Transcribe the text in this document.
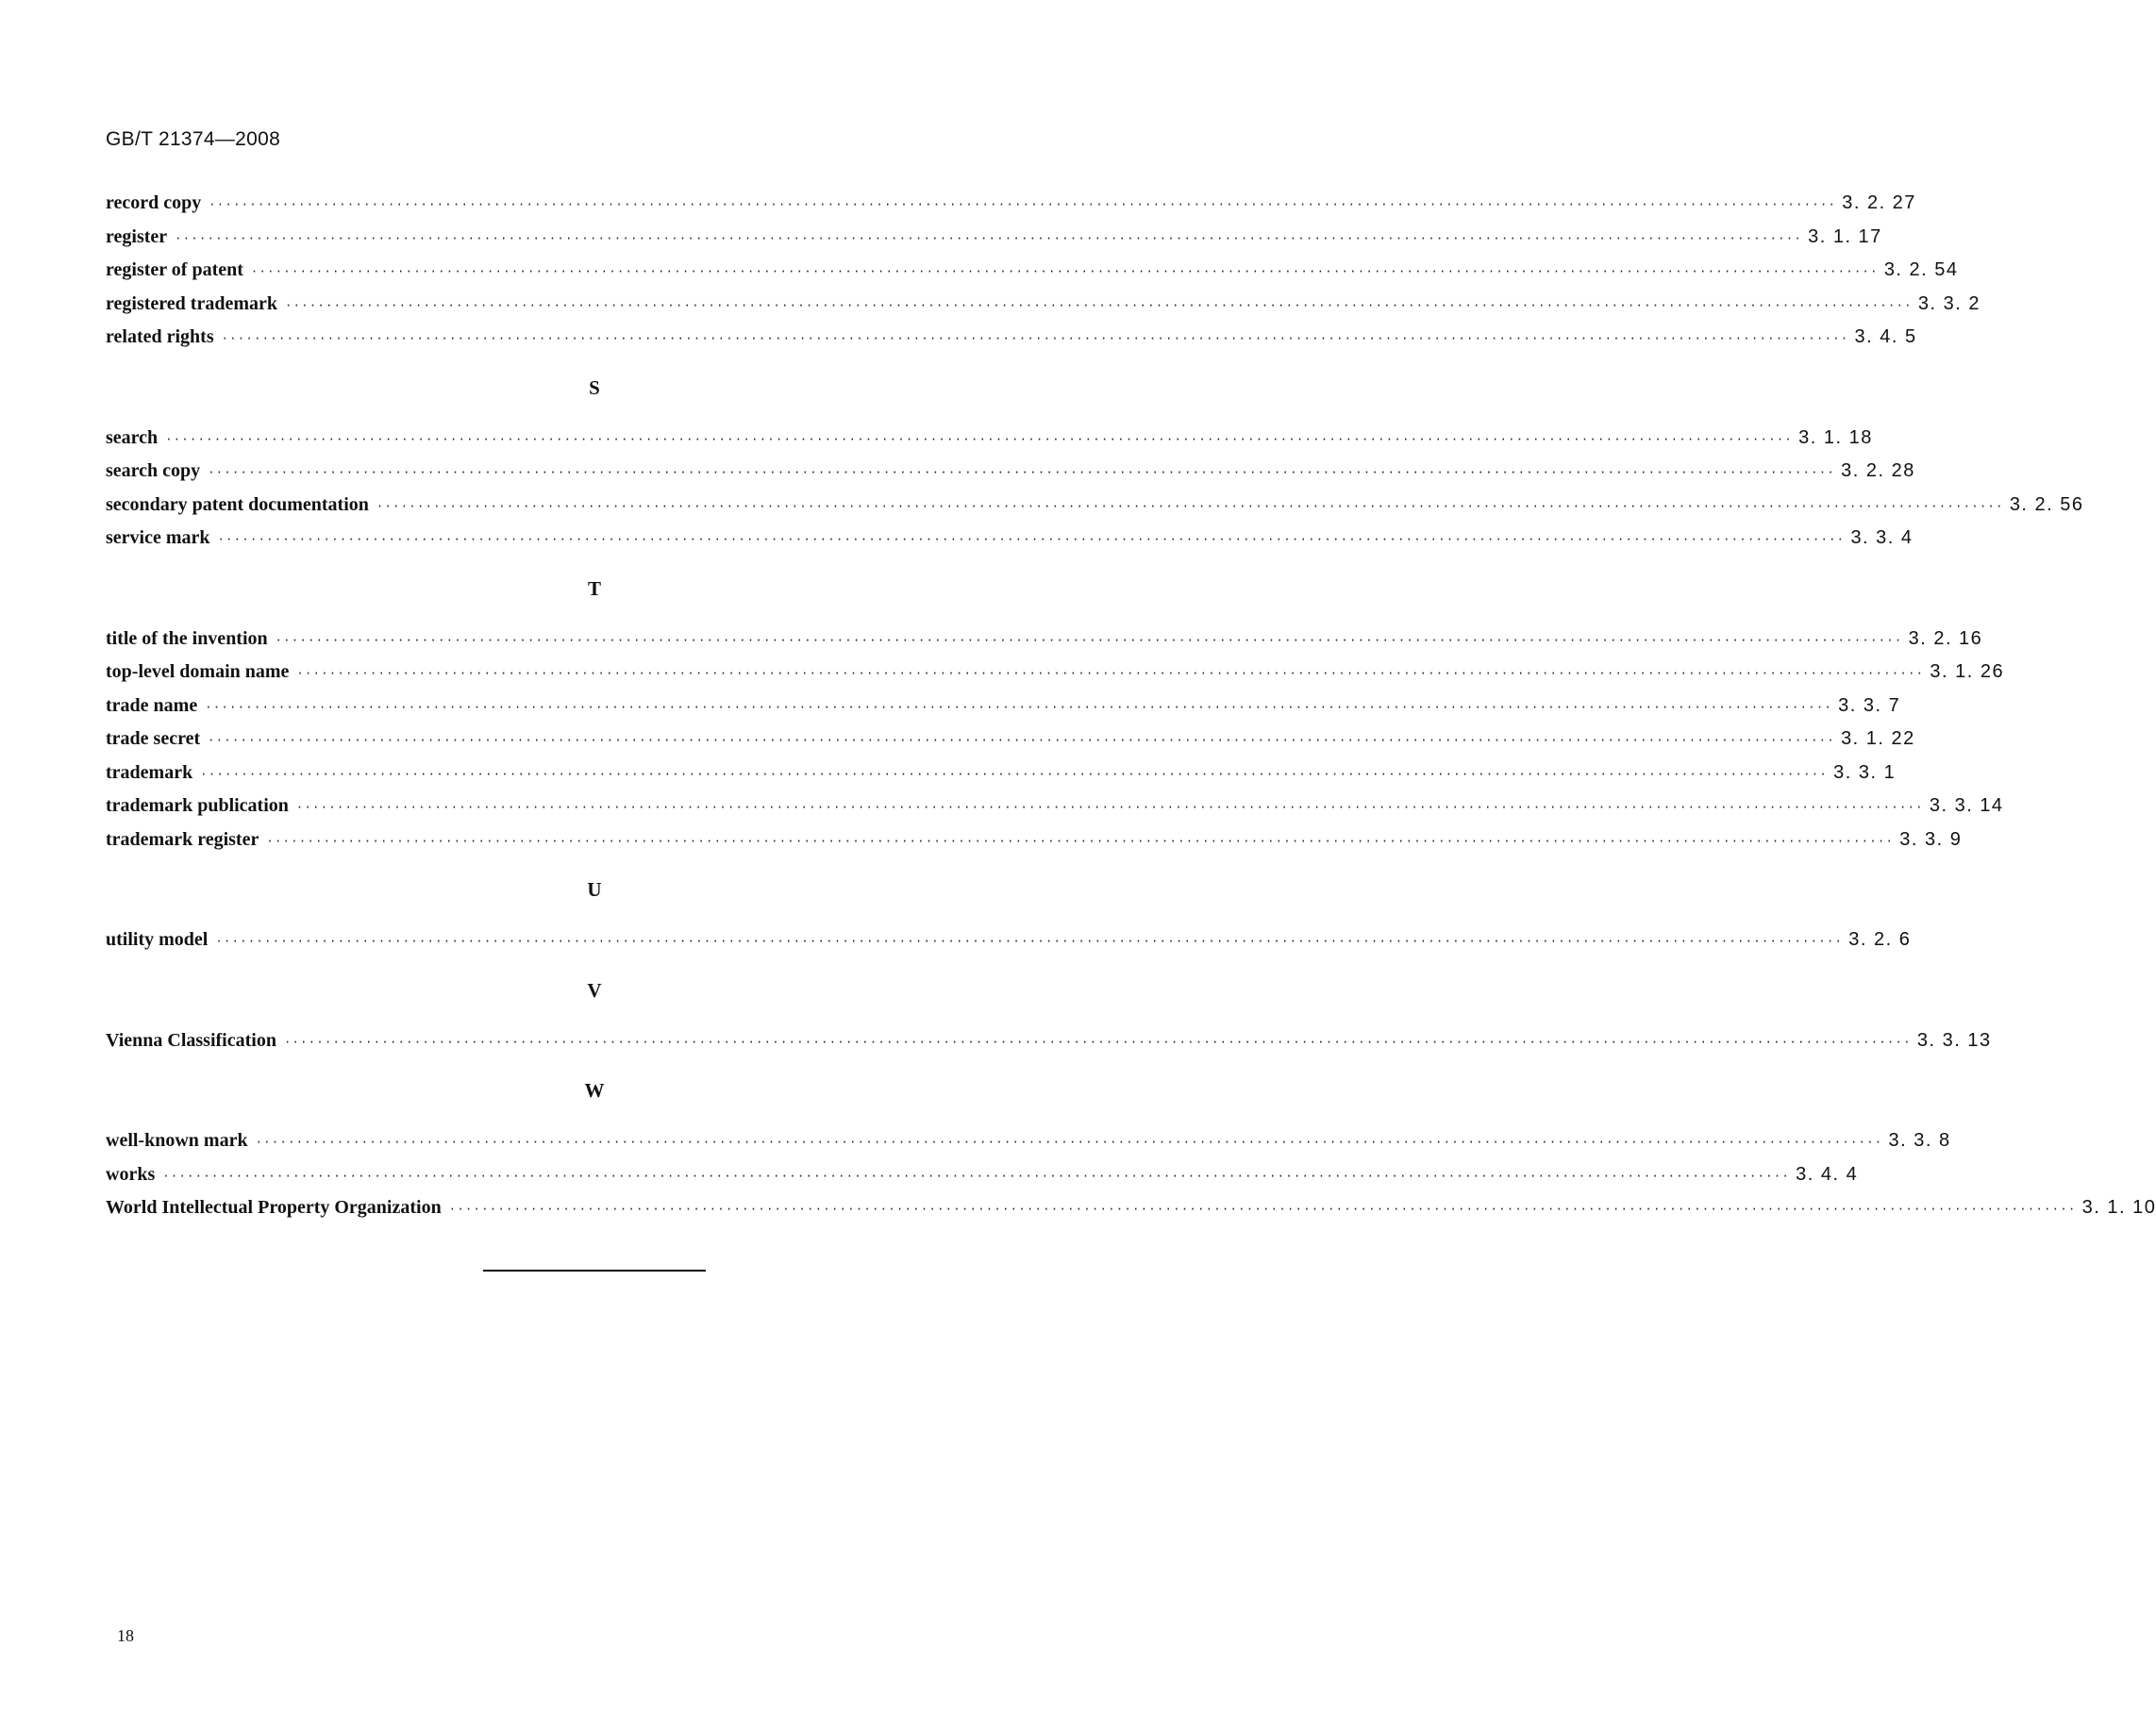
GB/T 21374—2008
record copy ········································································································································································································ 3. 2. 27
register ········································································································································································································ 3. 1. 17
register of patent ········································································································································································································ 3. 2. 54
registered trademark ········································································································································································································ 3. 3. 2
related rights ········································································································································································································ 3. 4. 5
S
search ········································································································································································································ 3. 1. 18
search copy ········································································································································································································ 3. 2. 28
secondary patent documentation ········································································································································································································ 3. 2. 56
service mark ········································································································································································································ 3. 3. 4
T
title of the invention ········································································································································································································ 3. 2. 16
top-level domain name ········································································································································································································ 3. 1. 26
trade name ········································································································································································································ 3. 3. 7
trade secret ········································································································································································································ 3. 1. 22
trademark ········································································································································································································ 3. 3. 1
trademark publication ········································································································································································································ 3. 3. 14
trademark register ········································································································································································································ 3. 3. 9
U
utility model ········································································································································································································ 3. 2. 6
V
Vienna Classification ········································································································································································································ 3. 3. 13
W
well-known mark ········································································································································································································ 3. 3. 8
works ········································································································································································································ 3. 4. 4
World Intellectual Property Organization ········································································································································································································ 3. 1. 10
18
